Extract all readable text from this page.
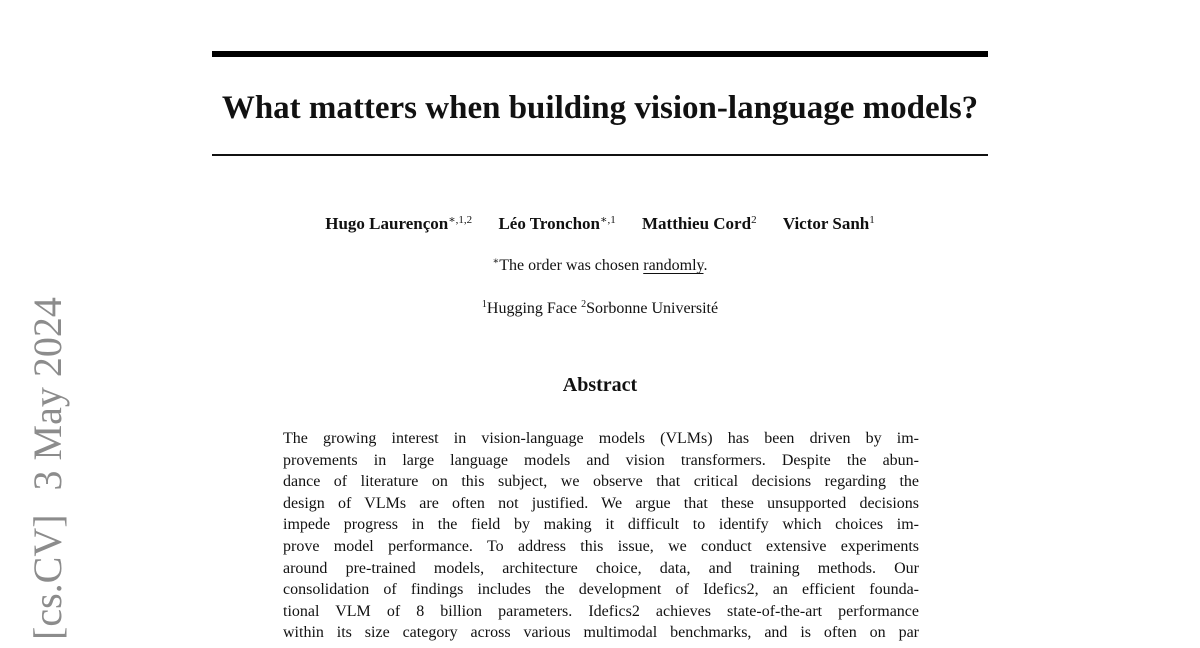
What matters when building vision-language models?
Hugo Laurençon$^{∗,1,2}$ Léo Tronchon$^{∗,1}$ Matthieu Cord$^2$ Victor Sanh$^1$
∗The order was chosen randomly.
$^1$Hugging Face $^2$Sorbonne Université
Abstract
The growing interest in vision-language models (VLMs) has been driven by im-
provements in large language models and vision transformers. Despite the abun-
dance of literature on this subject, we observe that critical decisions regarding the
design of VLMs are often not justified. We argue that these unsupported decisions
impede progress in the field by making it difficult to identify which choices im-
prove model performance. To address this issue, we conduct extensive experiments
around pre-trained models, architecture choice, data, and training methods. Our
consolidation of findings includes the development of Idefics2, an efficient founda-
tional VLM of 8 billion parameters. Idefics2 achieves state-of-the-art performance
within its size category across various multimodal benchmarks, and is often on par
[cs.CV]3 May 2024
